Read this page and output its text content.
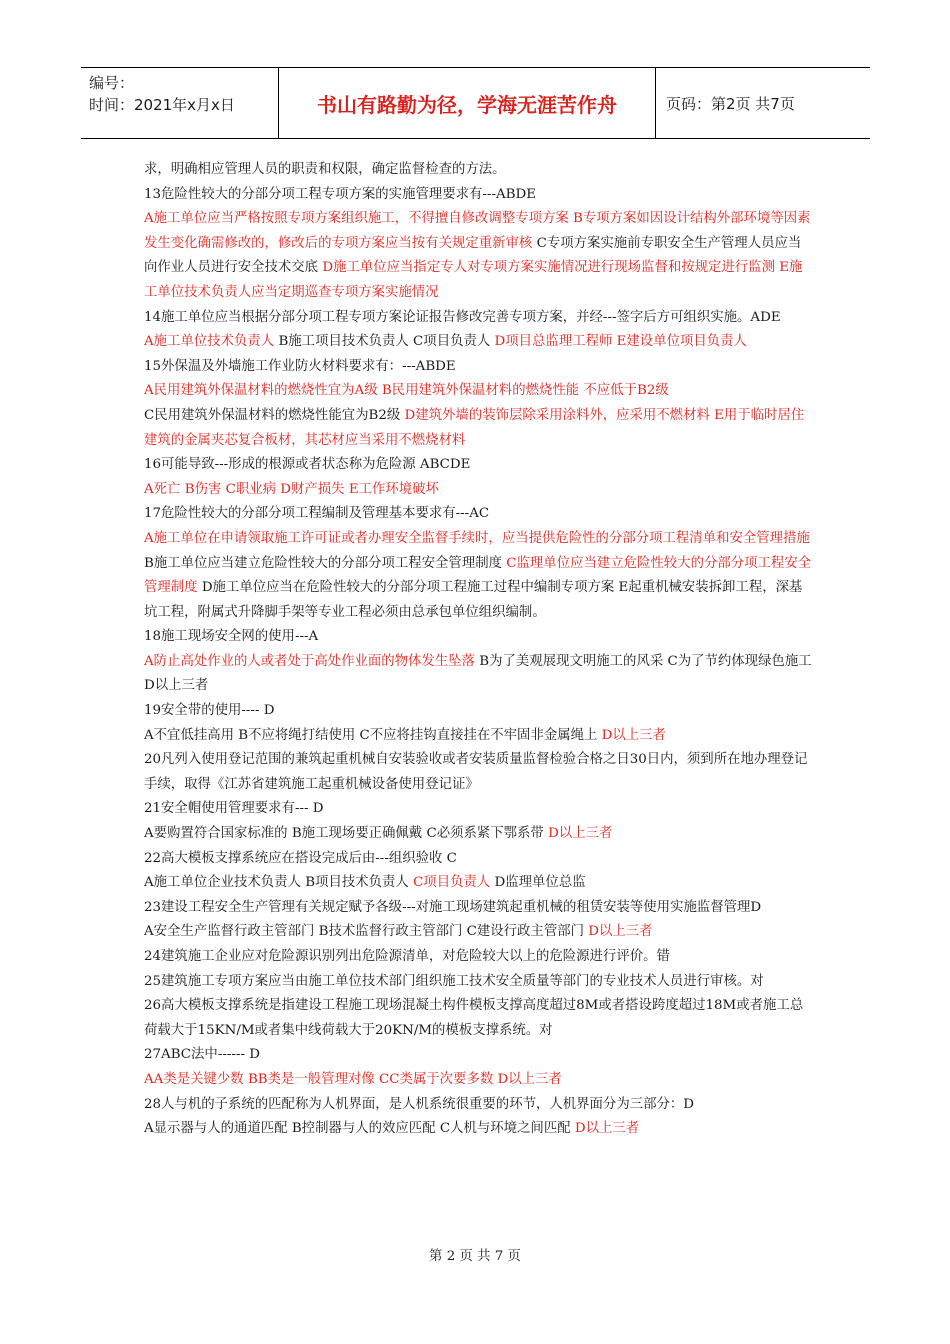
编号：
时间：2021年x月x日	书山有路勤为径，学海无涯苦作舟	页码：第2页 共7页

求，明确相应管理人员的职责和权限，确定监督检查的方法。

13危险性较大的分部分项工程专项方案的实施管理要求有---ABDE

A施工单位应当严格按照专项方案组织施工，不得擅自修改调整专项方案 B专项方案如因设计结构外部环境等因素发生变化确需修改的，修改后的专项方案应当按有关规定重新审核 C专项方案实施前专职安全生产管理人员应当向作业人员进行安全技术交底 D施工单位应当指定专人对专项方案实施情况进行现场监督和按规定进行监测 E施工单位技术负责人应当定期巡查专项方案实施情况

14施工单位应当根据分部分项工程专项方案论证报告修改完善专项方案，并经---签字后方可组织实施。ADE

A施工单位技术负责人 B施工项目技术负责人 C项目负责人 D项目总监理工程师 E建设单位项目负责人

15外保温及外墙施工作业防火材料要求有：---ABDE

A民用建筑外保温材料的燃烧性宜为A级 B民用建筑外保温材料的燃烧性能 不应低于B2级

C民用建筑外保温材料的燃烧性能宜为B2级 D建筑外墙的装饰层除采用涂料外，应采用不燃材料 E用于临时居住建筑的金属夹芯复合板材，其芯材应当采用不燃烧材料

16可能导致---形成的根源或者状态称为危险源 ABCDE

A死亡 B伤害 C职业病 D财产损失 E工作环境破坏

17危险性较大的分部分项工程编制及管理基本要求有---AC

A施工单位在申请领取施工许可证或者办理安全监督手续时，应当提供危险性的分部分项工程清单和安全管理措施 B施工单位应当建立危险性较大的分部分项工程安全管理制度 C监理单位应当建立危险性较大的分部分项工程安全管理制度 D施工单位应当在危险性较大的分部分项工程施工过程中编制专项方案 E起重机械安装拆卸工程，深基坑工程，附属式升降脚手架等专业工程必须由总承包单位组织编制。

18施工现场安全网的使用---A

A防止高处作业的人或者处于高处作业面的物体发生坠落 B为了美观展现文明施工的风采 C为了节约体现绿色施工 D以上三者

19安全带的使用---- D

A不宜低挂高用 B不应将绳打结使用 C不应将挂钩直接挂在不牢固非金属绳上 D以上三者

20凡列入使用登记范围的兼筑起重机械自安装验收或者安装质量监督检验合格之日30日内，须到所在地办理登记手续，取得《江苏省建筑施工起重机械设备使用登记证》

21安全帽使用管理要求有--- D

A要购置符合国家标准的 B施工现场要正确佩戴 C必须系紧下鄂系带 D以上三者

22高大模板支撑系统应在搭设完成后由---组织验收 C

A施工单位企业技术负责人 B项目技术负责人 C项目负责人 D监理单位总监

23建设工程安全生产管理有关规定赋予各级---对施工现场建筑起重机械的租赁安装等使用实施监督管理D

A安全生产监督行政主管部门 B技术监督行政主管部门 C建设行政主管部门 D以上三者

24建筑施工企业应对危险源识别列出危险源清单，对危险较大以上的危险源进行评价。错

25建筑施工专项方案应当由施工单位技术部门组织施工技术安全质量等部门的专业技术人员进行审核。对

26高大模板支撑系统是指建设工程施工现场混凝土构件模板支撑高度超过8M或者搭设跨度超过18M或者施工总荷载大于15KN/M或者集中线荷载大于20KN/M的模板支撑系统。对

27ABC法中------ D

AA类是关键少数 BB类是一般管理对像 CC类属于次要多数 D以上三者

28人与机的子系统的匹配称为人机界面，是人机系统很重要的环节，人机界面分为三部分：D

A显示器与人的通道匹配 B控制器与人的效应匹配 C人机与环境之间匹配 D以上三者

第 2 页 共 7 页
